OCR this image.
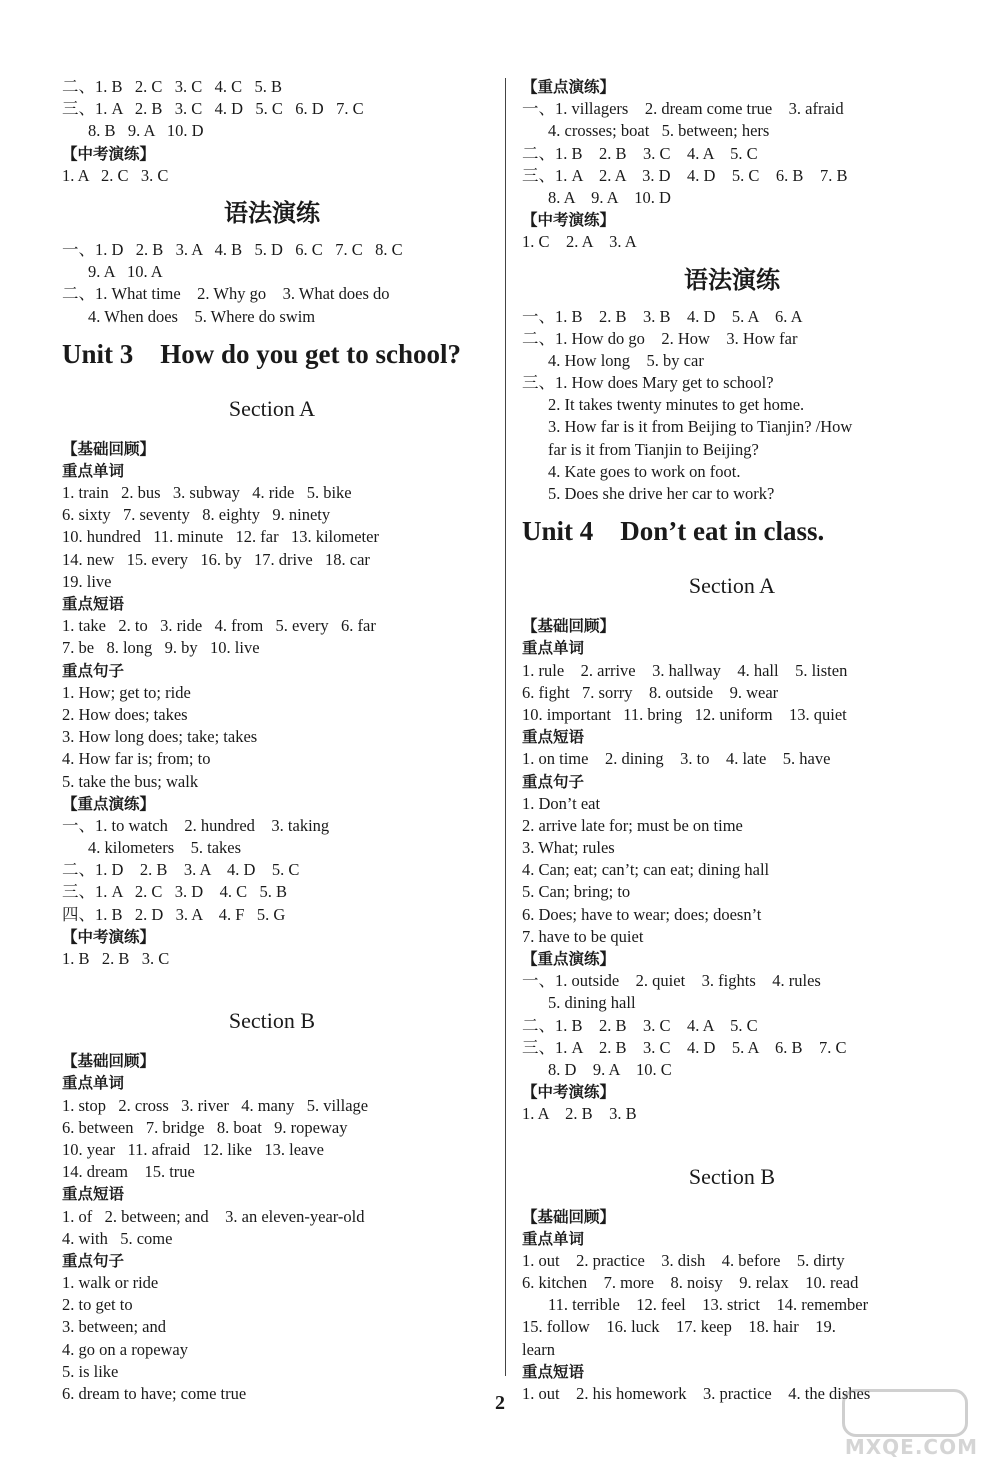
二、1. B   2. C   3. C   4. C   5. B
三、1. A   2. B   3. C   4. D   5. C   6. D   7. C
8. B   9. A   10. D
【中考演练】
1. A   2. C   3. C
语法演练
一、1. D   2. B   3. A   4. B   5. D   6. C   7. C   8. C
9. A   10. A
二、1. What time    2. Why go    3. What does do
4. When does    5. Where do swim
Unit 3    How do you get to school?
Section A
【基础回顾】
重点单词
1. train   2. bus   3. subway   4. ride   5. bike
6. sixty   7. seventy   8. eighty   9. ninety
10. hundred   11. minute   12. far   13. kilometer
14. new   15. every   16. by   17. drive   18. car
19. live
重点短语
1. take   2. to   3. ride   4. from   5. every   6. far
7. be   8. long   9. by   10. live
重点句子
1. How; get to; ride
2. How does; takes
3. How long does; take; takes
4. How far is; from; to
5. take the bus; walk
【重点演练】
一、1. to watch    2. hundred    3. taking
4. kilometers    5. takes
二、1. D    2. B    3. A    4. D    5. C
三、1. A   2. C   3. D    4. C   5. B
四、1. B   2. D   3. A    4. F   5. G
【中考演练】
1. B   2. B   3. C
Section B
【基础回顾】
重点单词
1. stop   2. cross   3. river   4. many   5. village
6. between   7. bridge   8. boat   9. ropeway
10. year   11. afraid   12. like   13. leave
14. dream    15. true
重点短语
1. of   2. between; and    3. an eleven-year-old
4. with   5. come
重点句子
1. walk or ride
2. to get to
3. between; and
4. go on a ropeway
5. is like
6. dream to have; come true
【重点演练】
一、1. villagers    2. dream come true    3. afraid
4. crosses; boat   5. between; hers
二、1. B    2. B    3. C    4. A    5. C
三、1. A    2. A    3. D    4. D    5. C    6. B    7. B
8. A    9. A    10. D
【中考演练】
1. C    2. A    3. A
语法演练
一、1. B    2. B    3. B    4. D    5. A    6. A
二、1. How do go    2. How    3. How far
4. How long    5. by car
三、1. How does Mary get to school?
2. It takes twenty minutes to get home.
3. How far is it from Beijing to Tianjin? /How
far is it from Tianjin to Beijing?
4. Kate goes to work on foot.
5. Does she drive her car to work?
Unit 4    Don’t eat in class.
Section A
【基础回顾】
重点单词
1. rule    2. arrive    3. hallway    4. hall    5. listen
6. fight   7. sorry    8. outside    9. wear
10. important   11. bring   12. uniform    13. quiet
重点短语
1. on time    2. dining    3. to    4. late    5. have
重点句子
1. Don’t eat
2. arrive late for; must be on time
3. What; rules
4. Can; eat; can’t; can eat; dining hall
5. Can; bring; to
6. Does; have to wear; does; doesn’t
7. have to be quiet
【重点演练】
一、1. outside    2. quiet    3. fights    4. rules
5. dining hall
二、1. B    2. B    3. C    4. A    5. C
三、1. A    2. B    3. C    4. D    5. A    6. B    7. C
8. D    9. A    10. C
【中考演练】
1. A    2. B    3. B
Section B
【基础回顾】
重点单词
1. out    2. practice    3. dish    4. before    5. dirty
6. kitchen    7. more    8. noisy    9. relax    10. read
11. terrible    12. feel    13. strict    14. remember
15. follow    16. luck    17. keep    18. hair    19.
learn
重点短语
1. out    2. his homework    3. practice    4. the dishes
2
MXQE.COM
